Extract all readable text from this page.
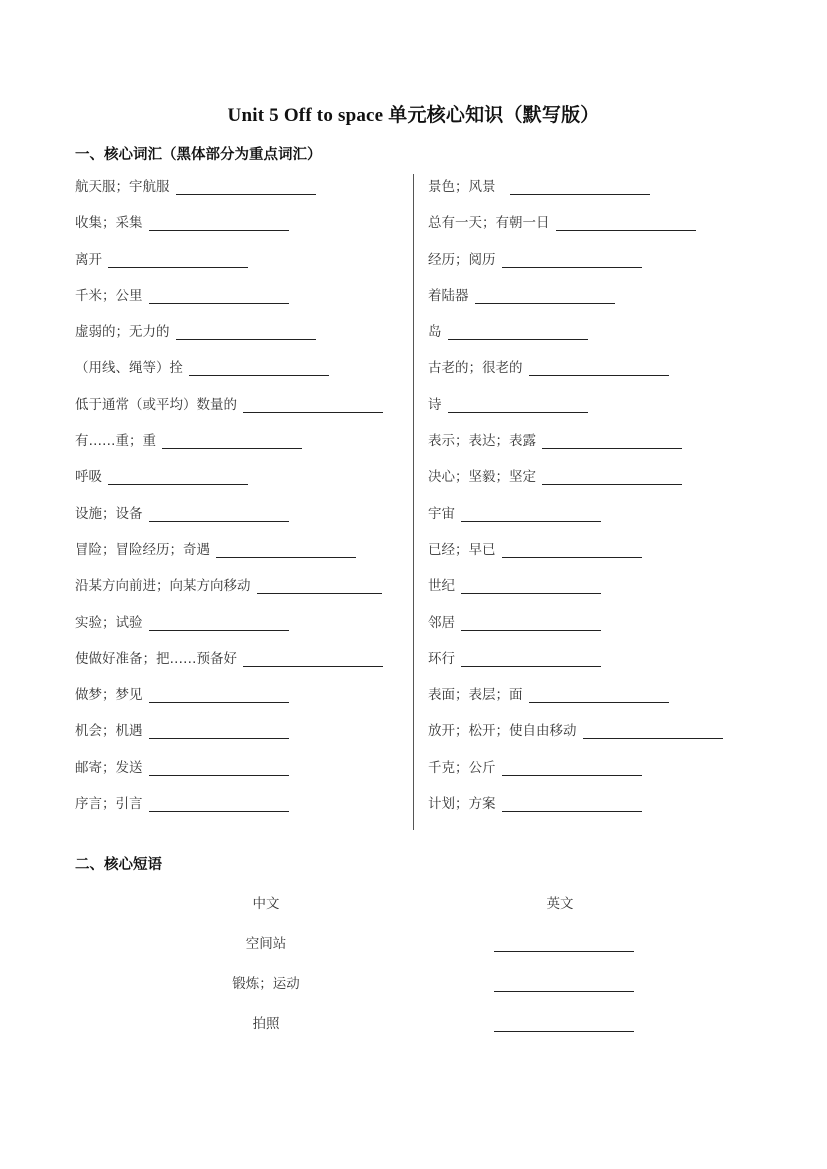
Unit 5 Off to space 单元核心知识（默写版）
一、核心词汇（黑体部分为重点词汇）
航天服；宇航服
收集；采集
离开
千米；公里
虚弱的；无力的
（用线、绳等）拴
低于通常（或平均）数量的
有……重；重
呼吸
设施；设备
冒险；冒险经历；奇遇
沿某方向前进；向某方向移动
实验；试验
使做好准备；把……预备好
做梦；梦见
机会；机遇
邮寄；发送
序言；引言
景色；风景
总有一天；有朝一日
经历；阅历
着陆器
岛
古老的；很老的
诗
表示；表达；表露
决心；坚毅；坚定
宇宙
已经；早已
世纪
邻居
环行
表面；表层；面
放开；松开；使自由移动
千克；公斤
计划；方案
二、核心短语
中文	英文
空间站
锻炼；运动
拍照
